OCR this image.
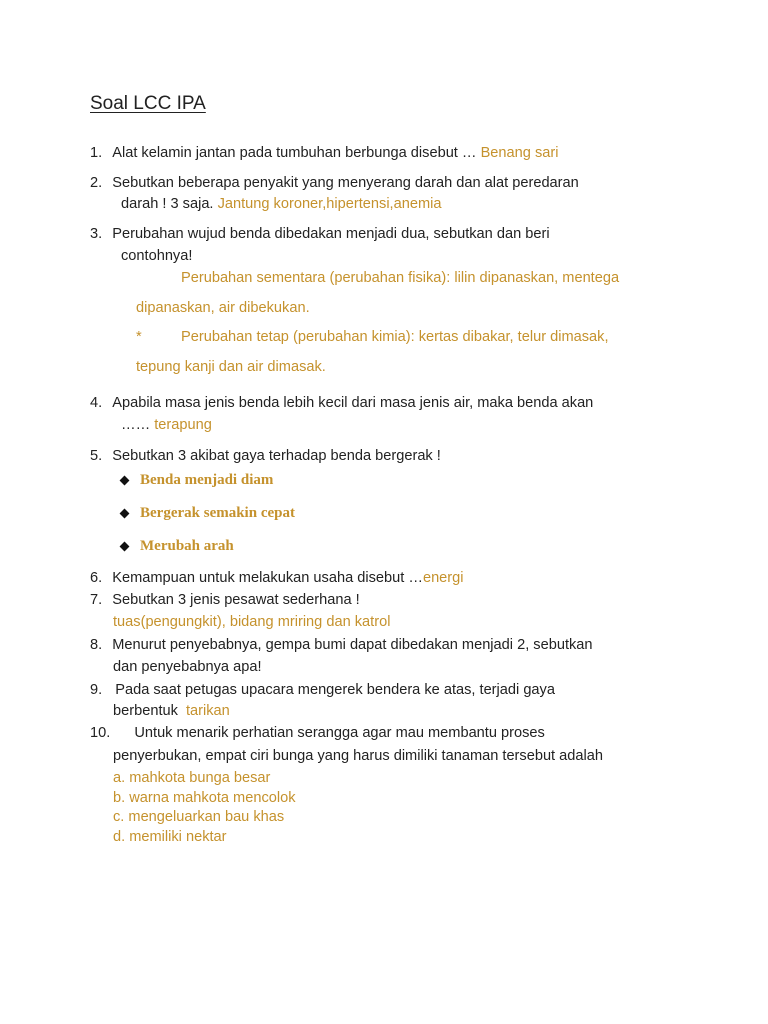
Soal LCC IPA
1. Alat kelamin jantan pada tumbuhan berbunga disebut … Benang sari
2. Sebutkan beberapa penyakit yang menyerang darah dan alat peredaran
darah ! 3 saja. Jantung koroner,hipertensi,anemia
3. Perubahan wujud benda dibedakan menjadi dua, sebutkan dan beri
contohnya!
Perubahan sementara (perubahan fisika): lilin dipanaskan, mentega
dipanaskan, air dibekukan.
*	Perubahan tetap (perubahan kimia): kertas dibakar, telur dimasak,
tepung kanji dan air dimasak.
4. Apabila masa jenis benda lebih kecil dari masa jenis air, maka benda akan
…… terapung
5. Sebutkan 3 akibat gaya terhadap benda bergerak !
Benda menjadi diam
Bergerak semakin cepat
Merubah arah
6. Kemampuan untuk melakukan usaha disebut …energi
7. Sebutkan 3 jenis pesawat sederhana !
tuas(pengungkit), bidang mriring dan katrol
8. Menurut penyebabnya, gempa bumi dapat dibedakan menjadi 2, sebutkan
dan penyebabnya apa!
9. Pada saat petugas upacara mengerek bendera ke atas, terjadi gaya
berbentuk tarikan
10. Untuk menarik perhatian serangga agar mau membantu proses
penyerbukan, empat ciri bunga yang harus dimiliki tanaman tersebut adalah
a. mahkota bunga besar
b. warna mahkota mencolok
c. mengeluarkan bau khas
d. memiliki nektar
